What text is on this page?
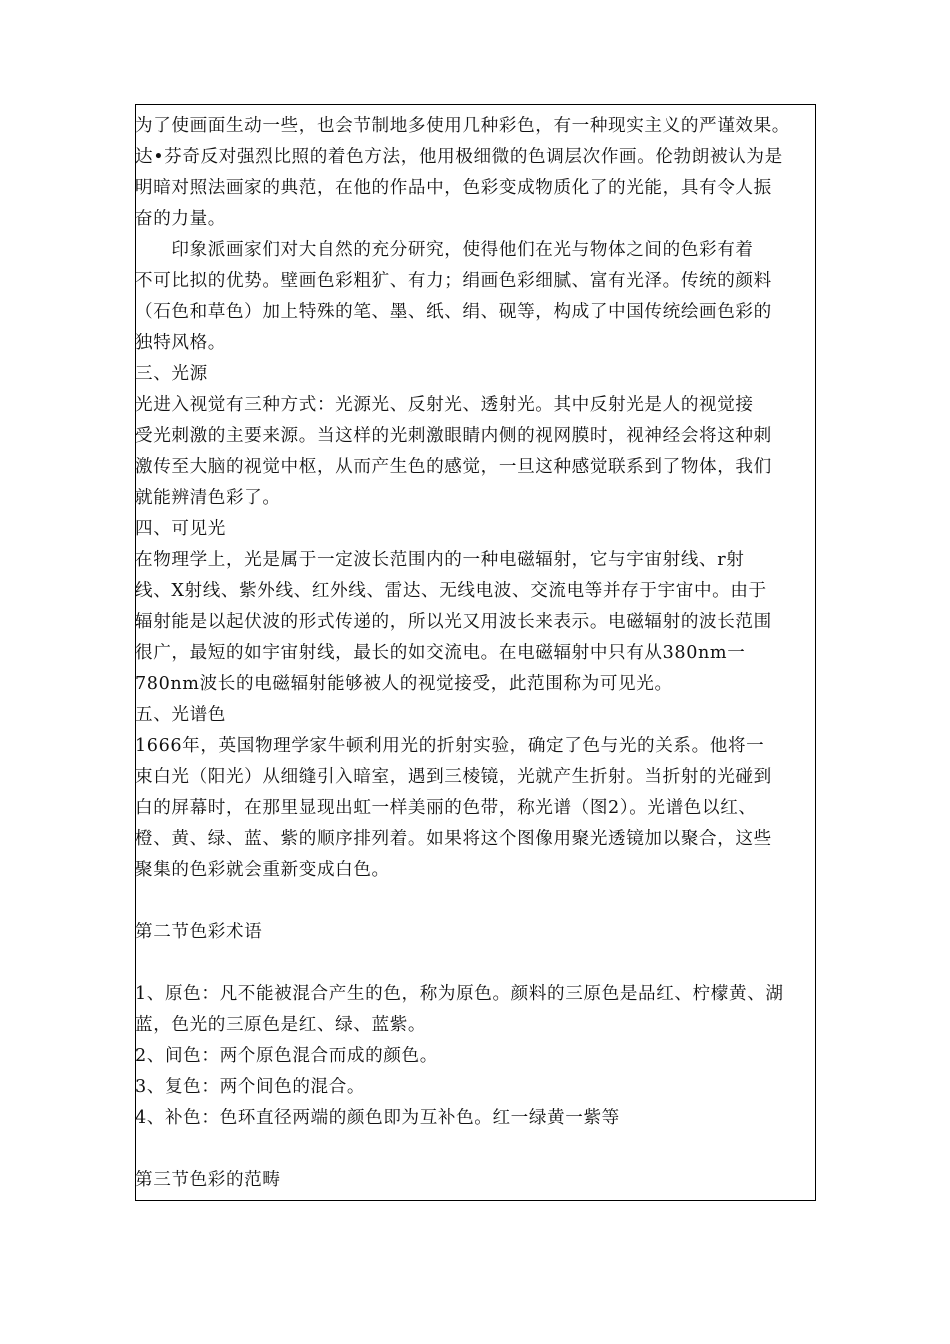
为了使画面生动一些，也会节制地多使用几种彩色，有一种现实主义的严谨效果。
达•芬奇反对强烈比照的着色方法，他用极细微的色调层次作画。伦勃朗被认为是
明暗对照法画家的典范，在他的作品中，色彩变成物质化了的光能，具有令人振
奋的力量。
　　印象派画家们对大自然的充分研究，使得他们在光与物体之间的色彩有着
不可比拟的优势。壁画色彩粗犷、有力；绢画色彩细腻、富有光泽。传统的颜料
（石色和草色）加上特殊的笔、墨、纸、绢、砚等，构成了中国传统绘画色彩的
独特风格。
三、光源
光进入视觉有三种方式：光源光、反射光、透射光。其中反射光是人的视觉接
受光刺激的主要来源。当这样的光刺激眼睛内侧的视网膜时，视神经会将这种刺
激传至大脑的视觉中枢，从而产生色的感觉，一旦这种感觉联系到了物体，我们
就能辨清色彩了。
四、可见光
在物理学上，光是属于一定波长范围内的一种电磁辐射，它与宇宙射线、r射
线、X射线、紫外线、红外线、雷达、无线电波、交流电等并存于宇宙中。由于
辐射能是以起伏波的形式传递的，所以光又用波长来表示。电磁辐射的波长范围
很广，最短的如宇宙射线，最长的如交流电。在电磁辐射中只有从380nm一
780nm波长的电磁辐射能够被人的视觉接受，此范围称为可见光。
五、光谱色
1666年，英国物理学家牛顿利用光的折射实验，确定了色与光的关系。他将一
束白光（阳光）从细缝引入暗室，遇到三棱镜，光就产生折射。当折射的光碰到
白的屏幕时，在那里显现出虹一样美丽的色带，称光谱（图2）。光谱色以红、
橙、黄、绿、蓝、紫的顺序排列着。如果将这个图像用聚光透镜加以聚合，这些
聚集的色彩就会重新变成白色。
第二节色彩术语
1、原色：凡不能被混合产生的色，称为原色。颜料的三原色是品红、柠檬黄、湖
蓝，色光的三原色是红、绿、蓝紫。
2、间色：两个原色混合而成的颜色。
3、复色：两个间色的混合。
4、补色：色环直径两端的颜色即为互补色。红一绿黄一紫等
第三节色彩的范畴
